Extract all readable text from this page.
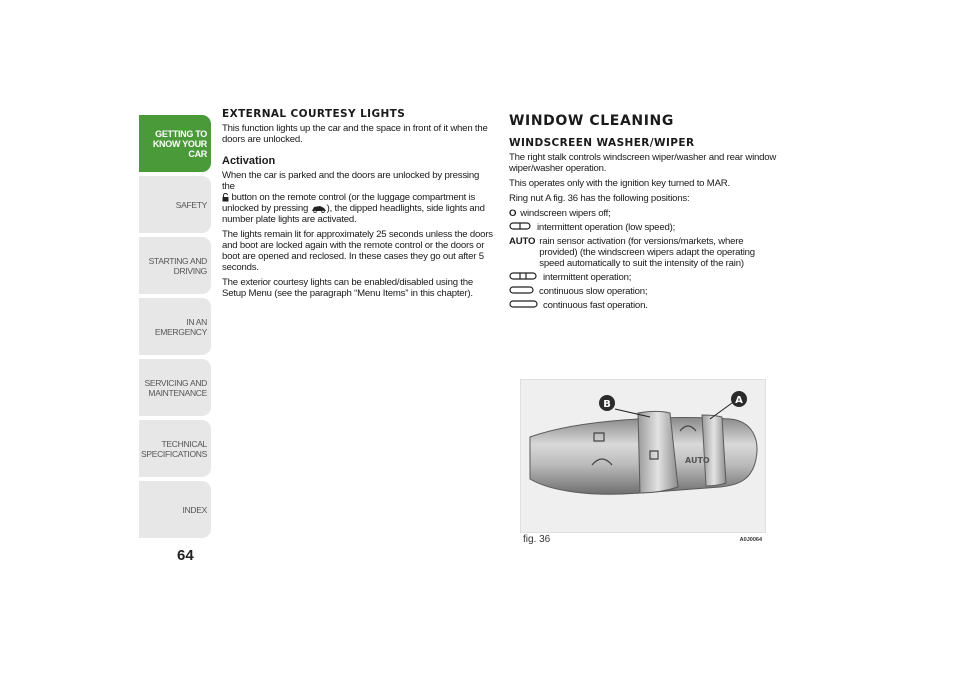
GETTING TO
KNOW YOUR CAR
SAFETY
STARTING AND
DRIVING
IN AN EMERGENCY
SERVICING AND
MAINTENANCE
TECHNICAL
SPECIFICATIONS
INDEX
64
EXTERNAL COURTESY LIGHTS

This function lights up the car and the space in front of it when the doors are unlocked.

Activation

When the car is parked and the doors are unlocked by pressing the
button on the remote control (or the luggage compartment is unlocked by pressing ), the dipped headlights, side lights and number plate lights are activated.

The lights remain lit for approximately 25 seconds unless the doors and boot are locked again with the remote control or the doors or boot are opened and reclosed. In these cases they go out after 5 seconds.

The exterior courtesy lights can be enabled/disabled using the Setup Menu (see the paragraph “Menu Items” in this chapter).

WINDOW CLEANING
WINDSCREEN WASHER/WIPER

The right stalk controls windscreen wiper/washer and rear window wiper/washer operation.

This operates only with the ignition key turned to MAR.

Ring nut A fig. 36 has the following positions:

O windscreen wipers off;
intermittent operation (low speed);
AUTO rain sensor activation (for versions/markets, where provided) (the windscreen wipers adapt the operating speed automatically to suit the intensity of the rain)
intermittent operation;
continuous slow operation;
continuous fast operation.
AUTO
B	A
fig. 36	A0J0064
